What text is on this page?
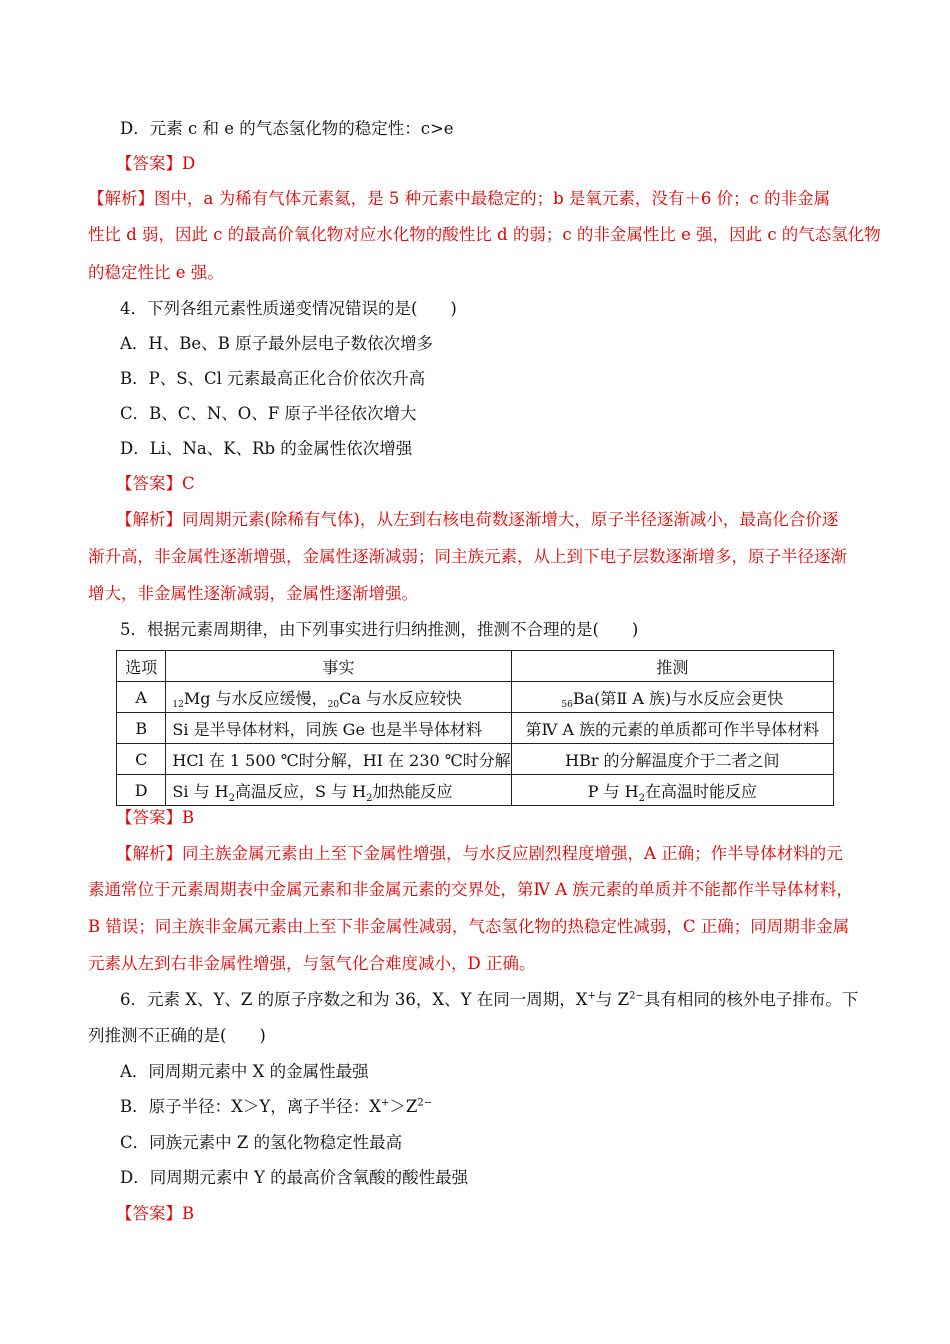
D．元素 c 和 e 的气态氢化物的稳定性：c>e
【答案】D
【解析】图中，a 为稀有气体元素氦，是 5 种元素中最稳定的；b 是氧元素，没有＋6 价；c 的非金属
性比 d 弱，因此 c 的最高价氧化物对应水化物的酸性比 d 的弱；c 的非金属性比 e 强，因此 c 的气态氢化物
的稳定性比 e 强。
4．下列各组元素性质递变情况错误的是(　　)
A．H、Be、B 原子最外层电子数依次增多
B．P、S、Cl 元素最高正化合价依次升高
C．B、C、N、O、F 原子半径依次增大
D．Li、Na、K、Rb 的金属性依次增强
【答案】C
【解析】同周期元素(除稀有气体)，从左到右核电荷数逐渐增大，原子半径逐渐减小，最高化合价逐
渐升高，非金属性逐渐增强，金属性逐渐减弱；同主族元素，从上到下电子层数逐渐增多，原子半径逐渐
增大，非金属性逐渐减弱，金属性逐渐增强。
5．根据元素周期律，由下列事实进行归纳推测，推测不合理的是(　　)
选项	事实	推测
A	$_{12}$Mg 与水反应缓慢，$_{20}$Ca 与水反应较快	$_{56}$Ba(第Ⅱ A 族)与水反应会更快
B	Si 是半导体材料，同族 Ge 也是半导体材料	第Ⅳ A 族的元素的单质都可作半导体材料
C	HCl 在 1 500 ℃时分解，HI 在 230 ℃时分解	HBr 的分解温度介于二者之间
D	Si 与 $H_2$高温反应，S 与 $H_2$加热能反应	P 与 $H_2$在高温时能反应
【答案】B
【解析】同主族金属元素由上至下金属性增强，与水反应剧烈程度增强，A 正确；作半导体材料的元
素通常位于元素周期表中金属元素和非金属元素的交界处，第Ⅳ A 族元素的单质并不能都作半导体材料，
B 错误；同主族非金属元素由上至下非金属性减弱，气态氢化物的热稳定性减弱，C 正确；同周期非金属
元素从左到右非金属性增强，与氢气化合难度减小，D 正确。
6．元素 X、Y、Z 的原子序数之和为 36，X、Y 在同一周期，X+与 $Z^{2-}$具有相同的核外电子排布。下
列推测不正确的是(　　)
A．同周期元素中 X 的金属性最强
B．原子半径：X＞Y，离子半径：$X^+>Z^{2-}$
C．同族元素中 Z 的氢化物稳定性最高
D．同周期元素中 Y 的最高价含氧酸的酸性最强
【答案】B
